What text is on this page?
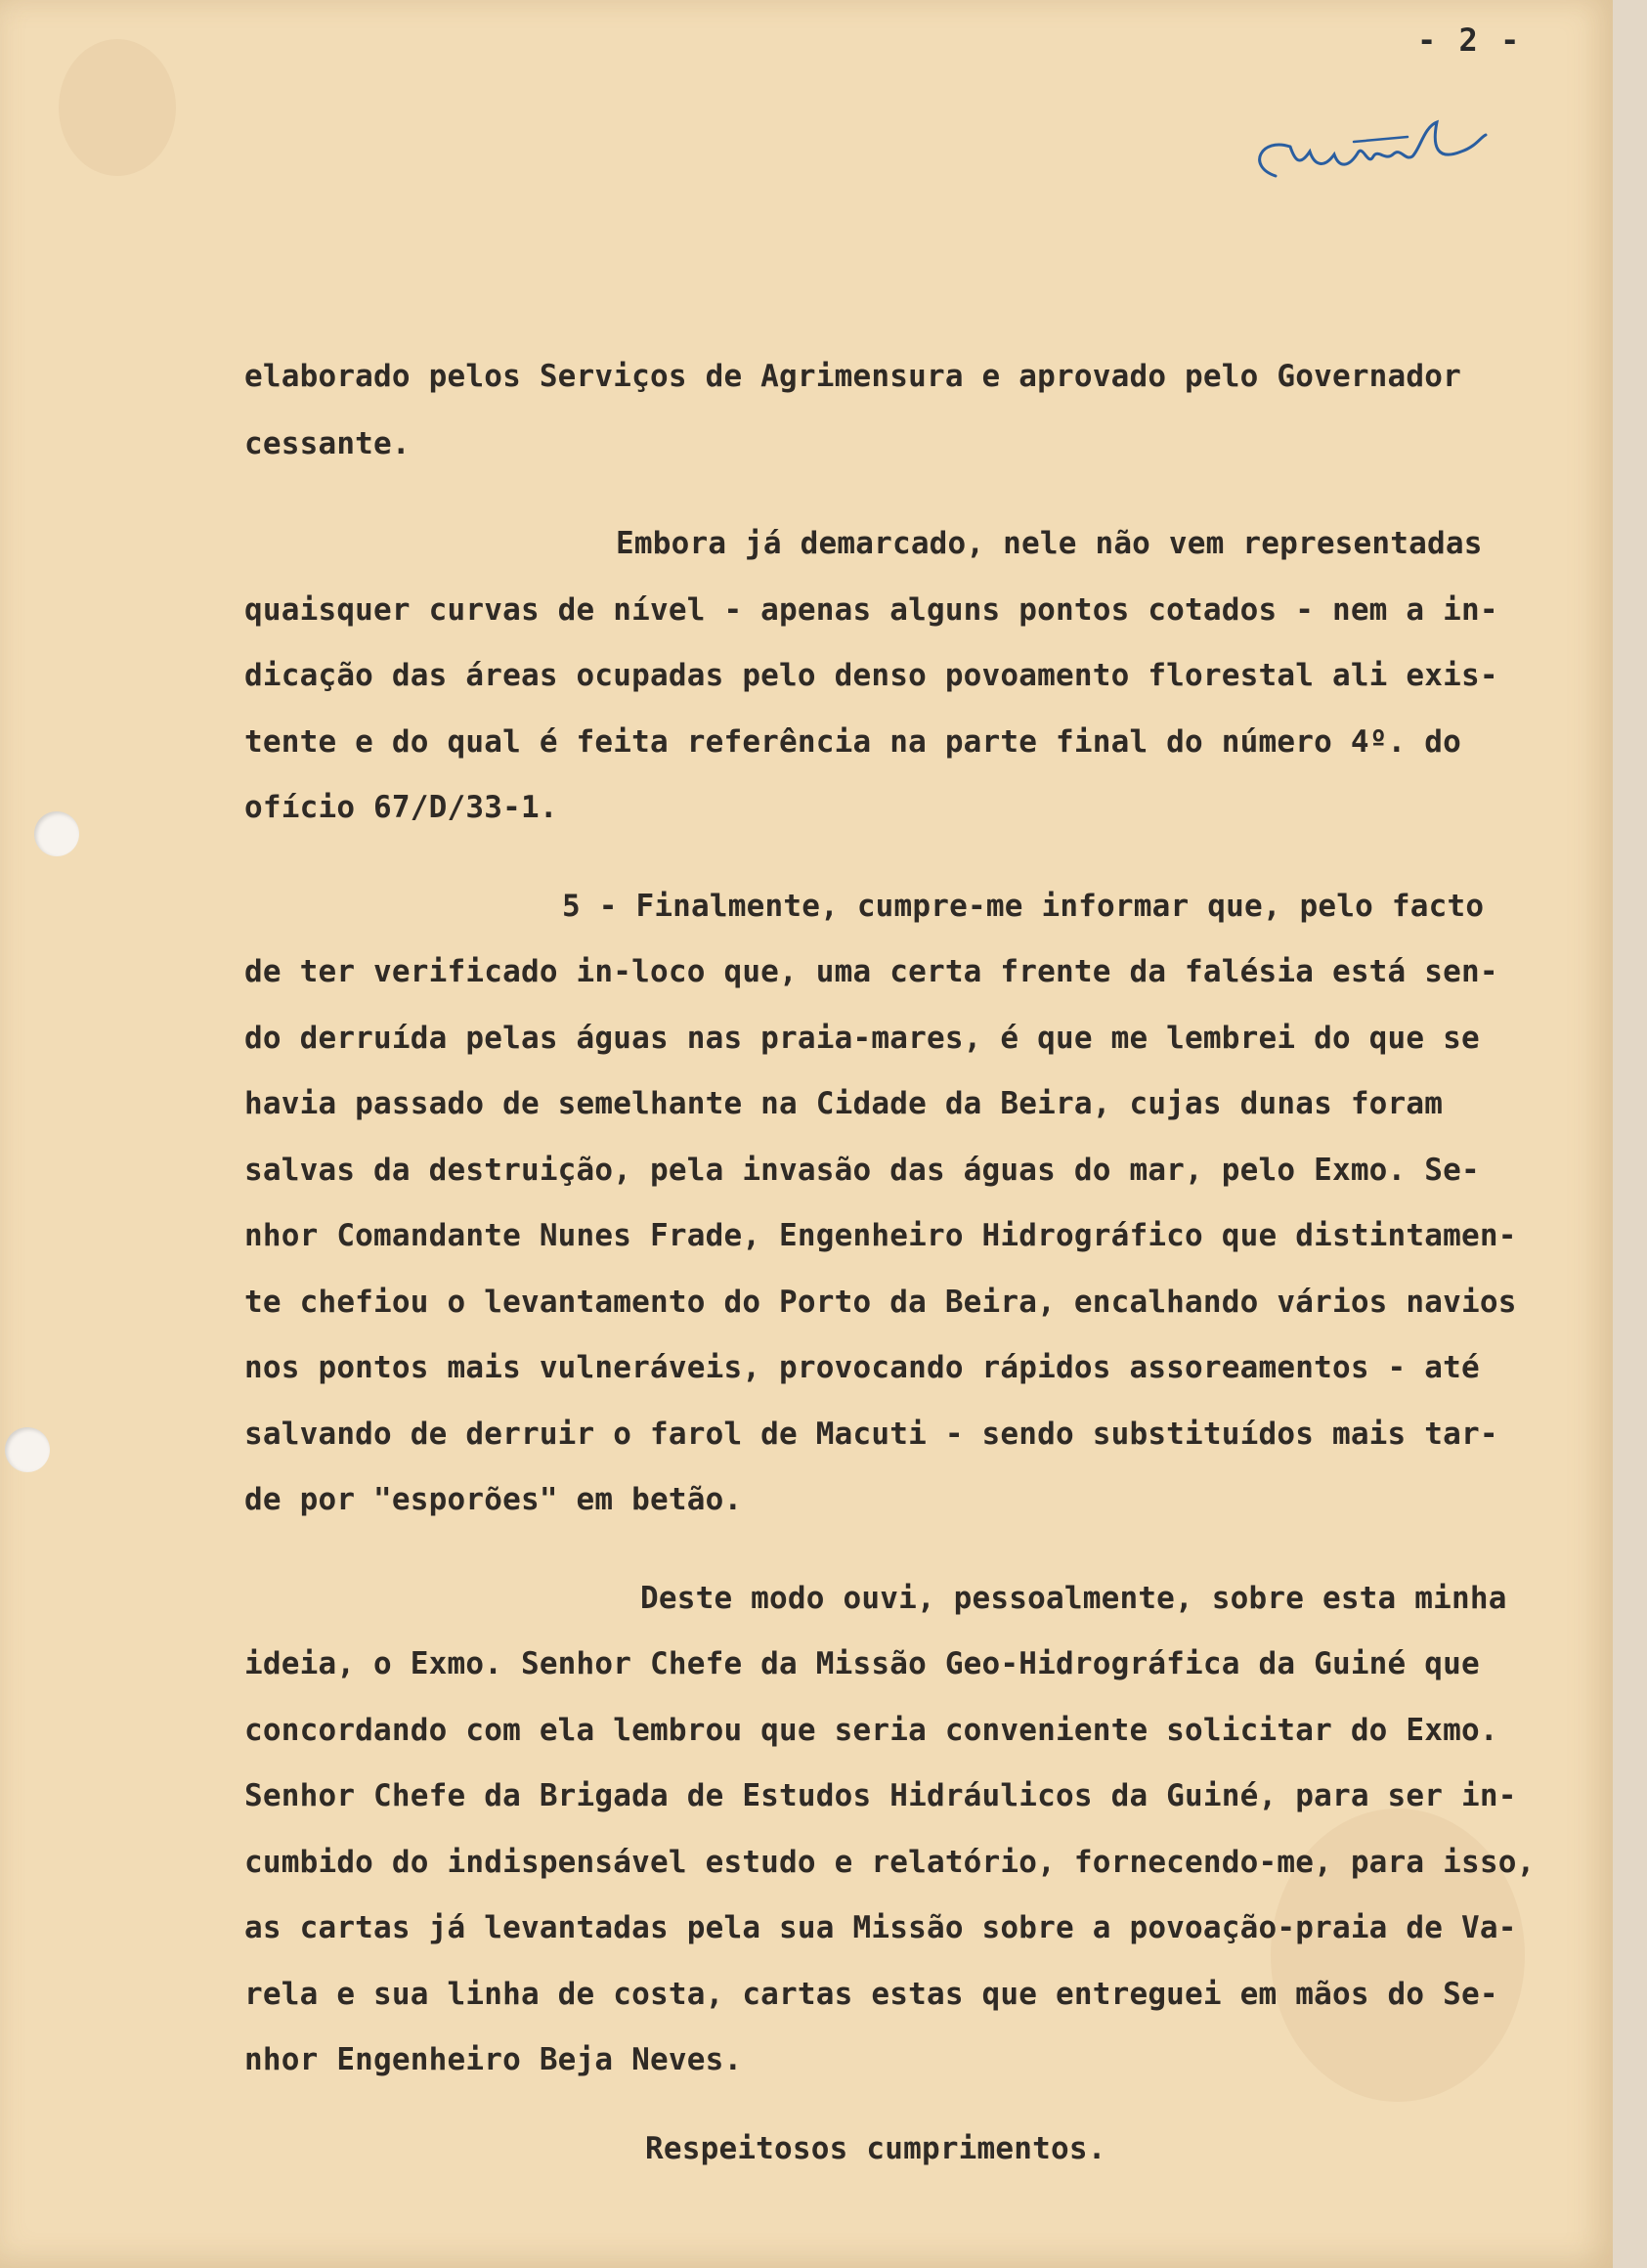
- 2 -
elaborado pelos Serviços de Agrimensura e aprovado pelo Governador
cessante.
Embora já demarcado, nele não vem representadas
quaisquer curvas de nível - apenas alguns pontos cotados - nem a in-
dicação das áreas ocupadas pelo denso povoamento florestal ali exis-
tente e do qual é feita referência na parte final do número 4º. do
ofício 67/D/33-1.
5 - Finalmente, cumpre-me informar que, pelo facto
de ter verificado in-loco que, uma certa frente da falésia está sen-
do derruída pelas águas nas praia-mares, é que me lembrei do que se
havia passado de semelhante na Cidade da Beira, cujas dunas foram
salvas da destruição, pela invasão das águas do mar, pelo Exmo. Se-
nhor Comandante Nunes Frade, Engenheiro Hidrográfico que distintamen-
te chefiou o levantamento do Porto da Beira, encalhando vários navios
nos pontos mais vulneráveis, provocando rápidos assoreamentos - até
salvando de derruir o farol de Macuti - sendo substituídos mais tar-
de por "esporões" em betão.
Deste modo ouvi, pessoalmente, sobre esta minha
ideia, o Exmo. Senhor Chefe da Missão Geo-Hidrográfica da Guiné que
concordando com ela lembrou que seria conveniente solicitar do Exmo.
Senhor Chefe da Brigada de Estudos Hidráulicos da Guiné, para ser in-
cumbido do indispensável estudo e relatório, fornecendo-me, para isso,
as cartas já levantadas pela sua Missão sobre a povoação-praia de Va-
rela e sua linha de costa, cartas estas que entreguei em mãos do Se-
nhor Engenheiro Beja Neves.
Respeitosos cumprimentos.
